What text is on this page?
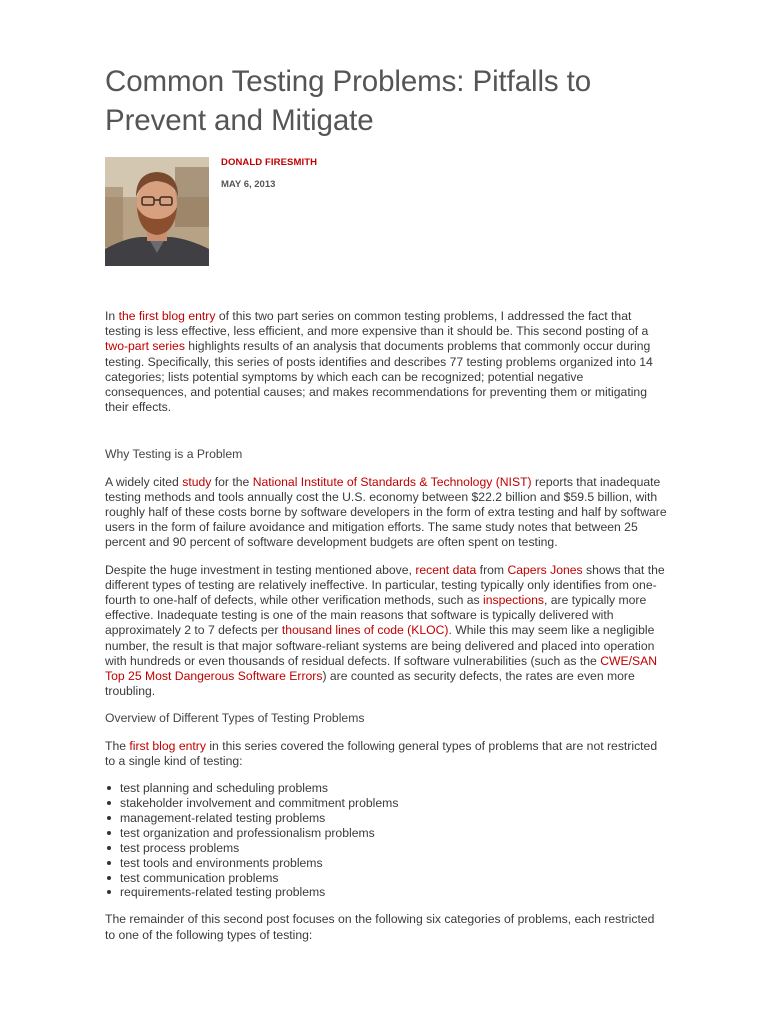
Common Testing Problems: Pitfalls to Prevent and Mitigate
DONALD FIRESMITH
MAY 6, 2013

In the first blog entry of this two part series on common testing problems, I addressed the fact that testing is less effective, less efficient, and more expensive than it should be. This second posting of a two-part series highlights results of an analysis that documents problems that commonly occur during testing. Specifically, this series of posts identifies and describes 77 testing problems organized into 14 categories; lists potential symptoms by which each can be recognized; potential negative consequences, and potential causes; and makes recommendations for preventing them or mitigating their effects.

Why Testing is a Problem

A widely cited study for the National Institute of Standards & Technology (NIST) reports that inadequate testing methods and tools annually cost the U.S. economy between $22.2 billion and $59.5 billion, with roughly half of these costs borne by software developers in the form of extra testing and half by software users in the form of failure avoidance and mitigation efforts. The same study notes that between 25 percent and 90 percent of software development budgets are often spent on testing.

Despite the huge investment in testing mentioned above, recent data from Capers Jones shows that the different types of testing are relatively ineffective. In particular, testing typically only identifies from one-fourth to one-half of defects, while other verification methods, such as inspections, are typically more effective. Inadequate testing is one of the main reasons that software is typically delivered with approximately 2 to 7 defects per thousand lines of code (KLOC). While this may seem like a negligible number, the result is that major software-reliant systems are being delivered and placed into operation with hundreds or even thousands of residual defects. If software vulnerabilities (such as the CWE/SAN Top 25 Most Dangerous Software Errors) are counted as security defects, the rates are even more troubling.

Overview of Different Types of Testing Problems

The first blog entry in this series covered the following general types of problems that are not restricted to a single kind of testing:

test planning and scheduling problems
stakeholder involvement and commitment problems
management-related testing problems
test organization and professionalism problems
test process problems
test tools and environments problems
test communication problems
requirements-related testing problems

The remainder of this second post focuses on the following six categories of problems, each restricted to one of the following types of testing:
